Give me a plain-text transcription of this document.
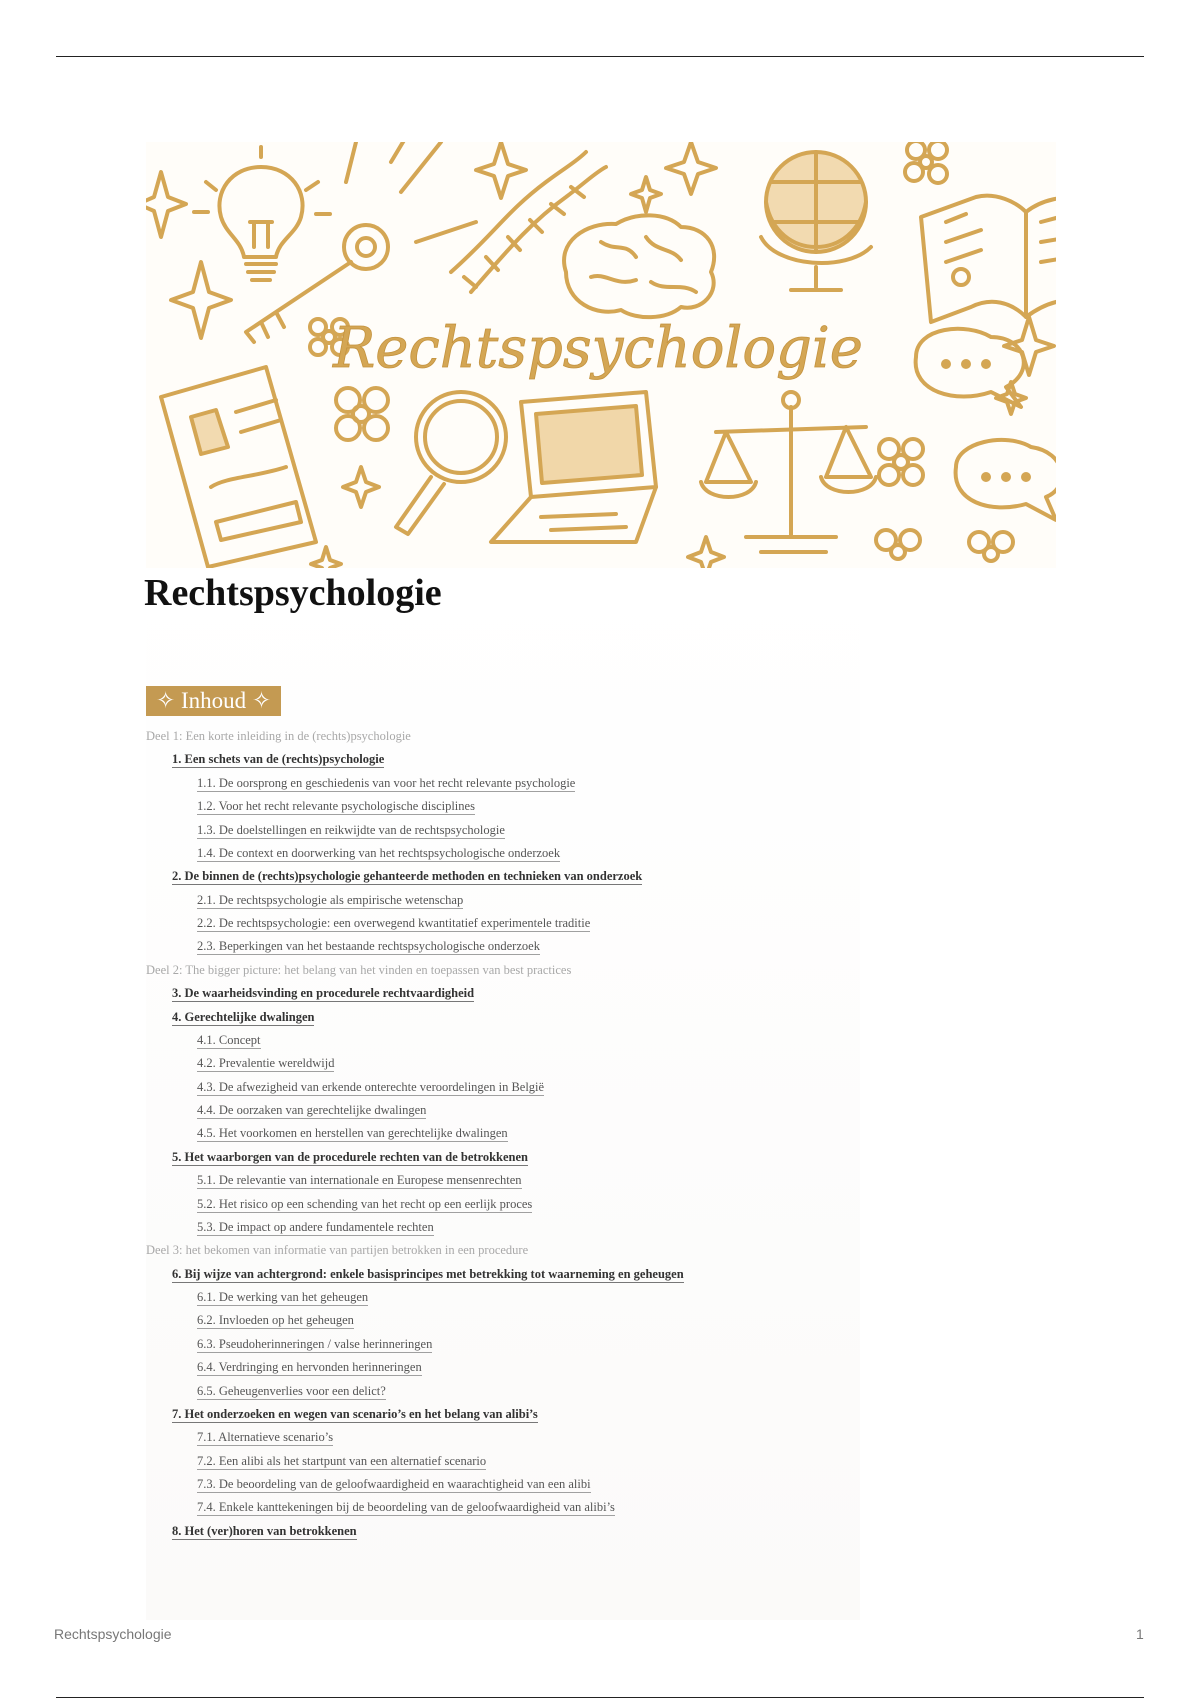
Rechtspsychologie
Rechtspsychologie
✧ Inhoud ✧
Deel 1: Een korte inleiding in de (rechts)psychologie
1. Een schets van de (rechts)psychologie
1.1. De oorsprong en geschiedenis van voor het recht relevante psychologie
1.2. Voor het recht relevante psychologische disciplines
1.3. De doelstellingen en reikwijdte van de rechtspsychologie
1.4. De context en doorwerking van het rechtspsychologische onderzoek
2. De binnen de (rechts)psychologie gehanteerde methoden en technieken van onderzoek
2.1. De rechtspsychologie als empirische wetenschap
2.2. De rechtspsychologie: een overwegend kwantitatief experimentele traditie
2.3. Beperkingen van het bestaande rechtspsychologische onderzoek
Deel 2: The bigger picture: het belang van het vinden en toepassen van best practices
3. De waarheidsvinding en procedurele rechtvaardigheid
4. Gerechtelijke dwalingen
4.1. Concept
4.2. Prevalentie wereldwijd
4.3. De afwezigheid van erkende onterechte veroordelingen in België
4.4. De oorzaken van gerechtelijke dwalingen
4.5. Het voorkomen en herstellen van gerechtelijke dwalingen
5. Het waarborgen van de procedurele rechten van de betrokkenen
5.1. De relevantie van internationale en Europese mensenrechten
5.2. Het risico op een schending van het recht op een eerlijk proces
5.3. De impact op andere fundamentele rechten
Deel 3: het bekomen van informatie van partijen betrokken in een procedure
6. Bij wijze van achtergrond: enkele basisprincipes met betrekking tot waarneming en geheugen
6.1. De werking van het geheugen
6.2. Invloeden op het geheugen
6.3. Pseudoherinneringen / valse herinneringen
6.4. Verdringing en hervonden herinneringen
6.5. Geheugenverlies voor een delict?
7. Het onderzoeken en wegen van scenario’s en het belang van alibi’s
7.1. Alternatieve scenario’s
7.2. Een alibi als het startpunt van een alternatief scenario
7.3. De beoordeling van de geloofwaardigheid en waarachtigheid van een alibi
7.4. Enkele kanttekeningen bij de beoordeling van de geloofwaardigheid van alibi’s
8. Het (ver)horen van betrokkenen
Rechtspsychologie	1
